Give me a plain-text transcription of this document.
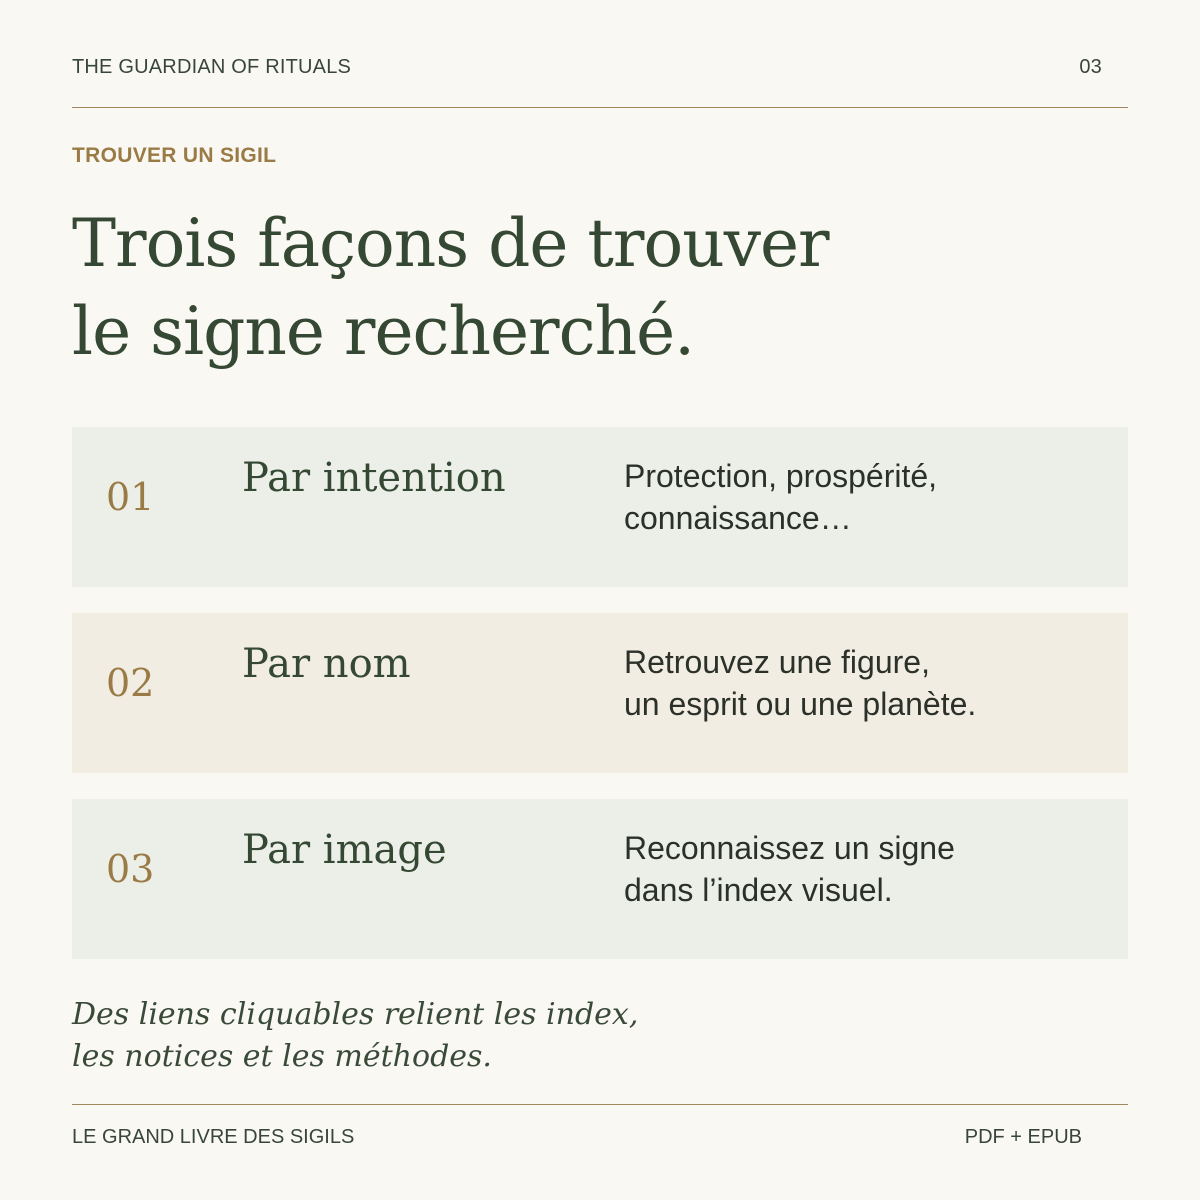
THE GUARDIAN OF RITUALS	03
TROUVER UN SIGIL
Trois façons de trouver
le signe recherché.
01 Par intention	Protection, prospérité,
connaissance…
02 Par nom	Retrouvez une figure,
un esprit ou une planète.
03 Par image	Reconnaissez un signe
dans l’index visuel.
Des liens cliquables relient les index,
les notices et les méthodes.
LE GRAND LIVRE DES SIGILS	PDF + EPUB
